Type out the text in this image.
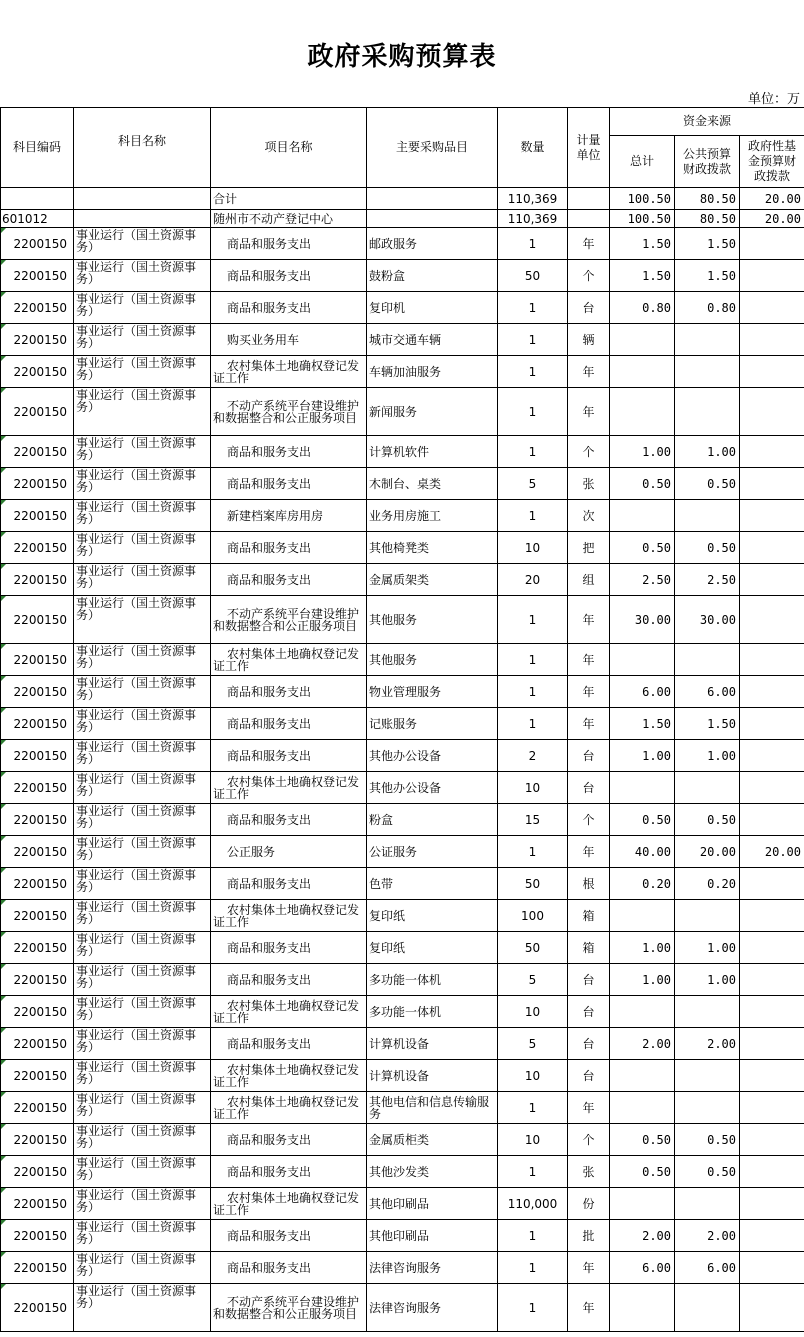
政府采购预算表
单位：万
科目编码	科目名称	项目名称	主要采购品目	数量	计量单位	资金来源		
						总计	公共预算财政拨款	政府性基金预算财政拨款

		合计		110,369		100.50	80.50	20.00
601012		随州市不动产登记中心		110,369		100.50	80.50	20.00
2200150	事业运行（国土资源事务）	商品和服务支出	邮政服务	1	年	1.50	1.50	
2200150	事业运行（国土资源事务）	商品和服务支出	鼓粉盒	50	个	1.50	1.50	
2200150	事业运行（国土资源事务）	商品和服务支出	复印机	1	台	0.80	0.80	
2200150	事业运行（国土资源事务）	购买业务用车	城市交通车辆	1	辆			
2200150	事业运行（国土资源事务）	农村集体土地确权登记发证工作	车辆加油服务	1	年			
2200150	事业运行（国土资源事务）	不动产系统平台建设维护和数据整合和公正服务项目	新闻服务	1	年			
2200150	事业运行（国土资源事务）	商品和服务支出	计算机软件	1	个	1.00	1.00	
2200150	事业运行（国土资源事务）	商品和服务支出	木制台、桌类	5	张	0.50	0.50	
2200150	事业运行（国土资源事务）	新建档案库房用房	业务用房施工	1	次			
2200150	事业运行（国土资源事务）	商品和服务支出	其他椅凳类	10	把	0.50	0.50	
2200150	事业运行（国土资源事务）	商品和服务支出	金属质架类	20	组	2.50	2.50	
2200150	事业运行（国土资源事务）	不动产系统平台建设维护和数据整合和公正服务项目	其他服务	1	年	30.00	30.00	
2200150	事业运行（国土资源事务）	农村集体土地确权登记发证工作	其他服务	1	年			
2200150	事业运行（国土资源事务）	商品和服务支出	物业管理服务	1	年	6.00	6.00	
2200150	事业运行（国土资源事务）	商品和服务支出	记账服务	1	年	1.50	1.50	
2200150	事业运行（国土资源事务）	商品和服务支出	其他办公设备	2	台	1.00	1.00	
2200150	事业运行（国土资源事务）	农村集体土地确权登记发证工作	其他办公设备	10	台			
2200150	事业运行（国土资源事务）	商品和服务支出	粉盒	15	个	0.50	0.50	
2200150	事业运行（国土资源事务）	公正服务	公证服务	1	年	40.00	20.00	20.00
2200150	事业运行（国土资源事务）	商品和服务支出	色带	50	根	0.20	0.20	
2200150	事业运行（国土资源事务）	农村集体土地确权登记发证工作	复印纸	100	箱			
2200150	事业运行（国土资源事务）	商品和服务支出	复印纸	50	箱	1.00	1.00	
2200150	事业运行（国土资源事务）	商品和服务支出	多功能一体机	5	台	1.00	1.00	
2200150	事业运行（国土资源事务）	农村集体土地确权登记发证工作	多功能一体机	10	台			
2200150	事业运行（国土资源事务）	商品和服务支出	计算机设备	5	台	2.00	2.00	
2200150	事业运行（国土资源事务）	农村集体土地确权登记发证工作	计算机设备	10	台			
2200150	事业运行（国土资源事务）	农村集体土地确权登记发证工作	其他电信和信息传输服务	1	年			
2200150	事业运行（国土资源事务）	商品和服务支出	金属质柜类	10	个	0.50	0.50	
2200150	事业运行（国土资源事务）	商品和服务支出	其他沙发类	1	张	0.50	0.50	
2200150	事业运行（国土资源事务）	农村集体土地确权登记发证工作	其他印刷品	110,000	份			
2200150	事业运行（国土资源事务）	商品和服务支出	其他印刷品	1	批	2.00	2.00	
2200150	事业运行（国土资源事务）	商品和服务支出	法律咨询服务	1	年	6.00	6.00	
2200150	事业运行（国土资源事务）	不动产系统平台建设维护和数据整合和公正服务项目	法律咨询服务	1	年			
